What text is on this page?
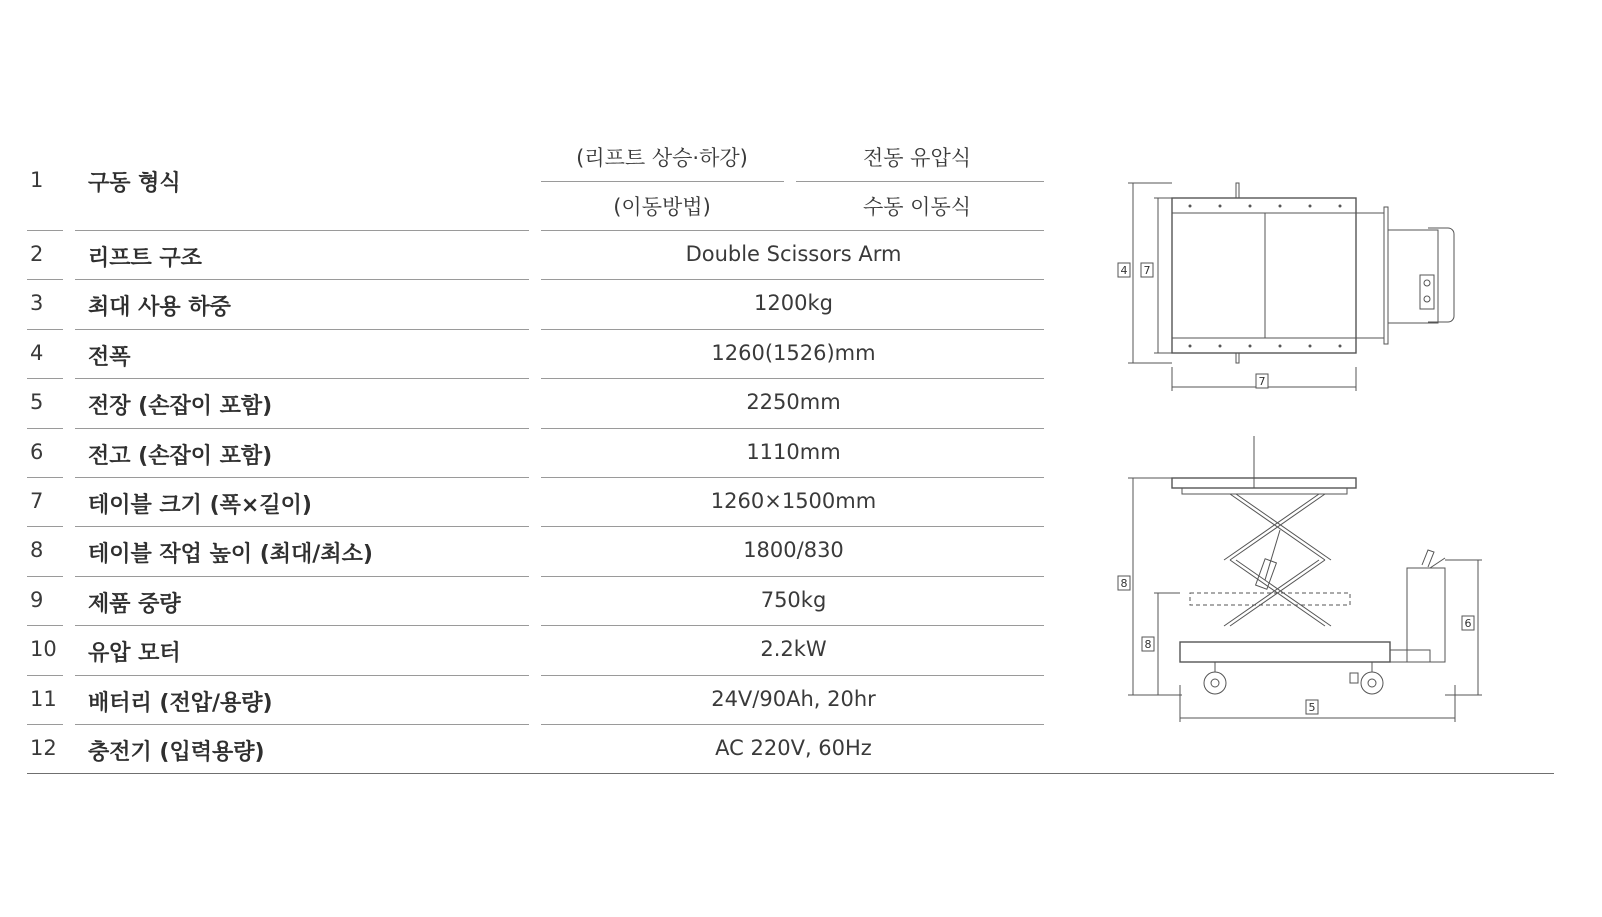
1	구동 형식
(리프트 상승·하강)	전동 유압식
(이동방법)	수동 이동식
2	리프트 구조	Double Scissors Arm
3	최대 사용 하중	1200kg
4	전폭	1260(1526)mm
5	전장 (손잡이 포함)	2250mm
6	전고 (손잡이 포함)	1110mm
7	테이블 크기 (폭×길이)	1260×1500mm
8	테이블 작업 높이 (최대/최소)	1800/830
9	제품 중량	750kg
10	유압 모터	2.2kW
11	배터리 (전압/용량)	24V/90Ah, 20hr
12	충전기 (입력용량)	AC 220V, 60Hz
4 7
7
8
8
6
5
